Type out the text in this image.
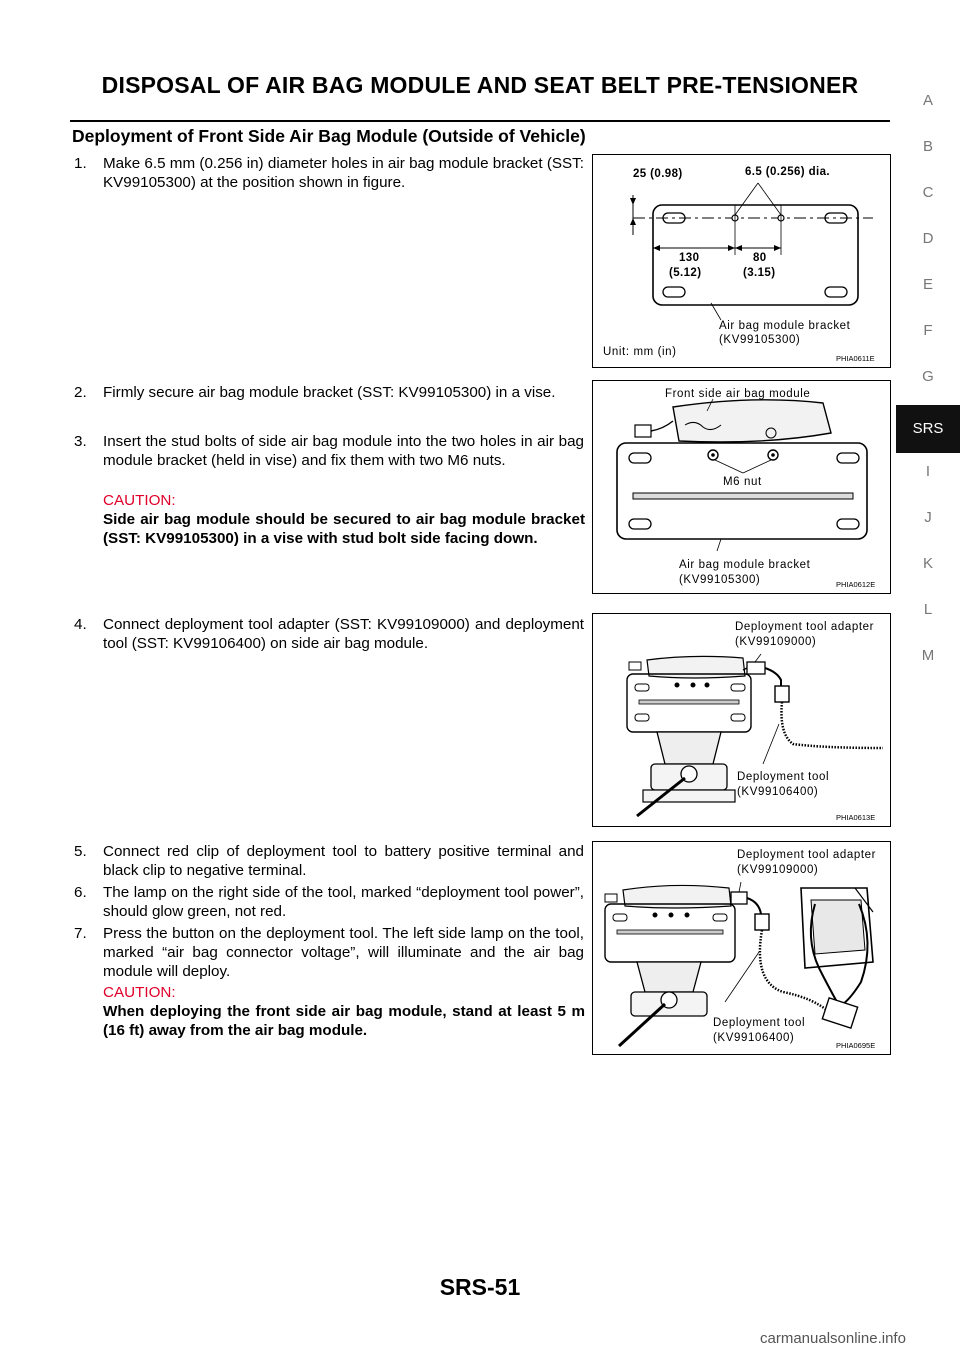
DISPOSAL OF AIR BAG MODULE AND SEAT BELT PRE-TENSIONER
Deployment of Front Side Air Bag Module (Outside of Vehicle)
A
B
C
D
E
F
G
SRS
I
J
K
L
M
1. Make 6.5 mm (0.256 in) diameter holes in air bag module bracket (SST: KV99105300) at the position shown in figure.
2. Firmly secure air bag module bracket (SST: KV99105300) in a vise.
3. Insert the stud bolts of side air bag module into the two holes in air bag module bracket (held in vise) and fix them with two M6 nuts.
CAUTION:
Side air bag module should be secured to air bag module bracket (SST: KV99105300) in a vise with stud bolt side facing down.
4. Connect deployment tool adapter (SST: KV99109000) and deployment tool (SST: KV99106400) on side air bag module.
5. Connect red clip of deployment tool to battery positive terminal and black clip to negative terminal.
6. The lamp on the right side of the tool, marked “deployment tool power”, should glow green, not red.
7. Press the button on the deployment tool. The left side lamp on the tool, marked “air bag connector voltage”, will illuminate and the air bag module will deploy.
CAUTION:
When deploying the front side air bag module, stand at least 5 m (16 ft) away from the air bag module.
25 (0.98)	6.5 (0.256) dia.
130
(5.12)
80
(3.15)
Air bag module bracket
(KV99105300)
Unit: mm (in)
PHIA0611E
Front side air bag module
M6 nut
Air bag module bracket
(KV99105300)	PHIA0612E
Deployment tool adapter
(KV99109000)
Deployment tool
(KV99106400)
PHIA0613E
Deployment tool adapter
(KV99109000)
Deployment tool
(KV99106400)
PHIA0695E
SRS-51
carmanualsonline.info
